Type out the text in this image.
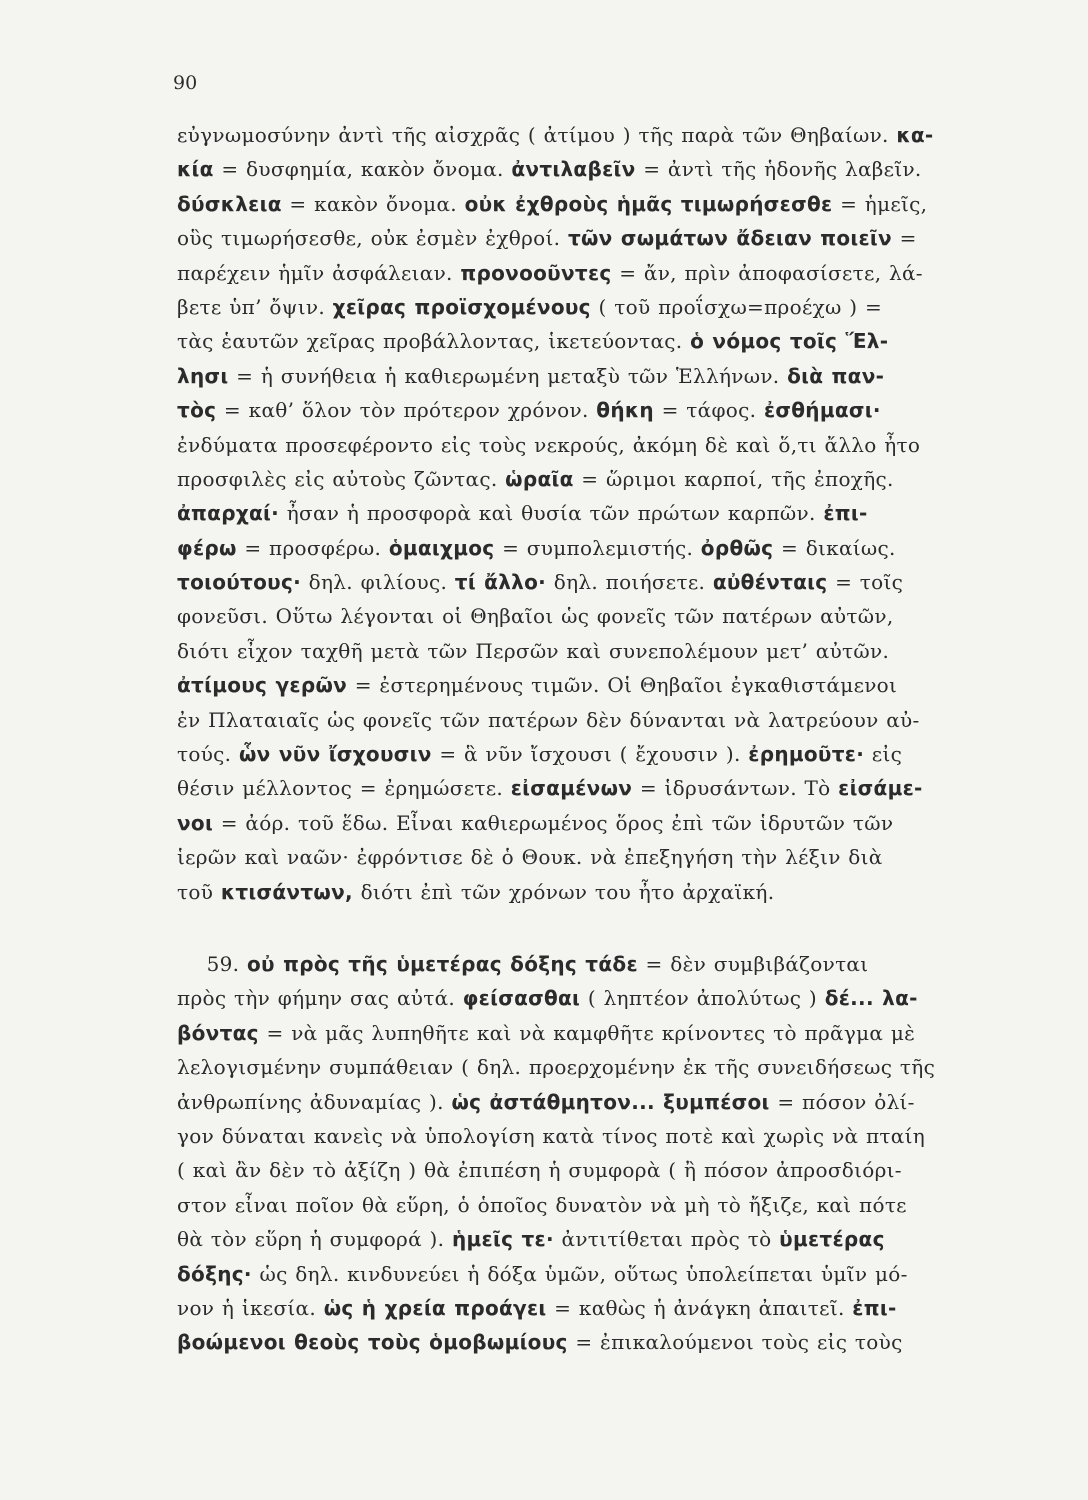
90
εὐγνωμοσύνην ἀντὶ τῆς αἰσχρᾶς ( ἀτίμου ) τῆς παρὰ τῶν Θηβαίων. κα-
κία = δυσφημία, κακὸν ὄνομα. ἀντιλαβεῖν = ἀντὶ τῆς ἡδονῆς λαβεῖν.
δύσκλεια = κακὸν ὄνομα. οὐκ ἐχθροὺς ἡμᾶς τιμωρήσεσθε = ἡμεῖς,
οὓς τιμωρήσεσθε, οὐκ ἐσμὲν ἐχθροί. τῶν σωμάτων ἄδειαν ποιεῖν =
παρέχειν ἡμῖν ἀσφάλειαν. προνοοῦντες = ἄν, πρὶν ἀποφασίσετε, λά-
βετε ὑπ’ ὄψιν. χεῖρας προϊσχομένους ( τοῦ προΐσχω=προέχω ) =
τὰς ἑαυτῶν χεῖρας προβάλλοντας, ἱκετεύοντας. ὁ νόμος τοῖς Ἕλ-
λησι = ἡ συνήθεια ἡ καθιερωμένη μεταξὺ τῶν Ἑλλήνων. διὰ παν-
τὸς = καθ’ ὅλον τὸν πρότερον χρόνον. θήκη = τάφος. ἐσθήμασι·
ἐνδύματα προσεφέροντο εἰς τοὺς νεκρούς, ἀκόμη δὲ καὶ ὅ,τι ἄλλο ἦτο
προσφιλὲς εἰς αὐτοὺς ζῶντας. ὡραῖα = ὥριμοι καρποί, τῆς ἐποχῆς.
ἀπαρχαί· ἦσαν ἡ προσφορὰ καὶ θυσία τῶν πρώτων καρπῶν. ἐπι-
φέρω = προσφέρω. ὁμαιχμος = συμπολεμιστής. ὀρθῶς = δικαίως.
τοιούτους· δηλ. φιλίους. τί ἄλλο· δηλ. ποιήσετε. αὐθένταις = τοῖς
φονεῦσι. Οὕτω λέγονται οἱ Θηβαῖοι ὡς φονεῖς τῶν πατέρων αὐτῶν,
διότι εἶχον ταχθῆ μετὰ τῶν Περσῶν καὶ συνεπολέμουν μετ’ αὐτῶν.
ἀτίμους γερῶν = ἐστερημένους τιμῶν. Οἱ Θηβαῖοι ἐγκαθιστάμενοι
ἐν Πλαταιαῖς ὡς φονεῖς τῶν πατέρων δὲν δύνανται νὰ λατρεύουν αὐ-
τούς. ὧν νῦν ἴσχουσιν = ἃ νῦν ἴσχουσι ( ἔχουσιν ). ἐρημοῦτε· εἰς
θέσιν μέλλοντος = ἐρημώσετε. εἰσαμένων = ἱδρυσάντων. Τὸ εἰσάμε-
νοι = ἀόρ. τοῦ ἕδω. Εἶναι καθιερωμένος ὅρος ἐπὶ τῶν ἱδρυτῶν τῶν
ἱερῶν καὶ ναῶν· ἐφρόντισε δὲ ὁ Θουκ. νὰ ἐπεξηγήση τὴν λέξιν διὰ
τοῦ κτισάντων, διότι ἐπὶ τῶν χρόνων του ἦτο ἀρχαϊκή.
59. οὐ πρὸς τῆς ὑμετέρας δόξης τάδε = δὲν συμβιβάζονται
πρὸς τὴν φήμην σας αὐτά. φείσασθαι ( ληπτέον ἀπολύτως ) δέ... λα-
βόντας = νὰ μᾶς λυπηθῆτε καὶ νὰ καμφθῆτε κρίνοντες τὸ πρᾶγμα μὲ
λελογισμένην συμπάθειαν ( δηλ. προερχομένην ἐκ τῆς συνειδήσεως τῆς
ἀνθρωπίνης ἀδυναμίας ). ὡς ἀστάθμητον... ξυμπέσοι = πόσον ὀλί-
γον δύναται κανεὶς νὰ ὑπολογίση κατὰ τίνος ποτὲ καὶ χωρὶς νὰ πταίη
( καὶ ἂν δὲν τὸ ἀξίζη ) θὰ ἐπιπέση ἡ συμφορὰ ( ἢ πόσον ἀπροσδιόρι-
στον εἶναι ποῖον θὰ εὕρη, ὁ ὁποῖος δυνατὸν νὰ μὴ τὸ ἤξιζε, καὶ πότε
θὰ τὸν εὕρη ἡ συμφορά ). ἡμεῖς τε· ἀντιτίθεται πρὸς τὸ ὑμετέρας
δόξης· ὡς δηλ. κινδυνεύει ἡ δόξα ὑμῶν, οὕτως ὑπολείπεται ὑμῖν μό-
νον ἡ ἱκεσία. ὡς ἡ χρεία προάγει = καθὼς ἡ ἀνάγκη ἀπαιτεῖ. ἐπι-
βοώμενοι θεοὺς τοὺς ὁμοβωμίους = ἐπικαλούμενοι τοὺς εἰς τοὺς
